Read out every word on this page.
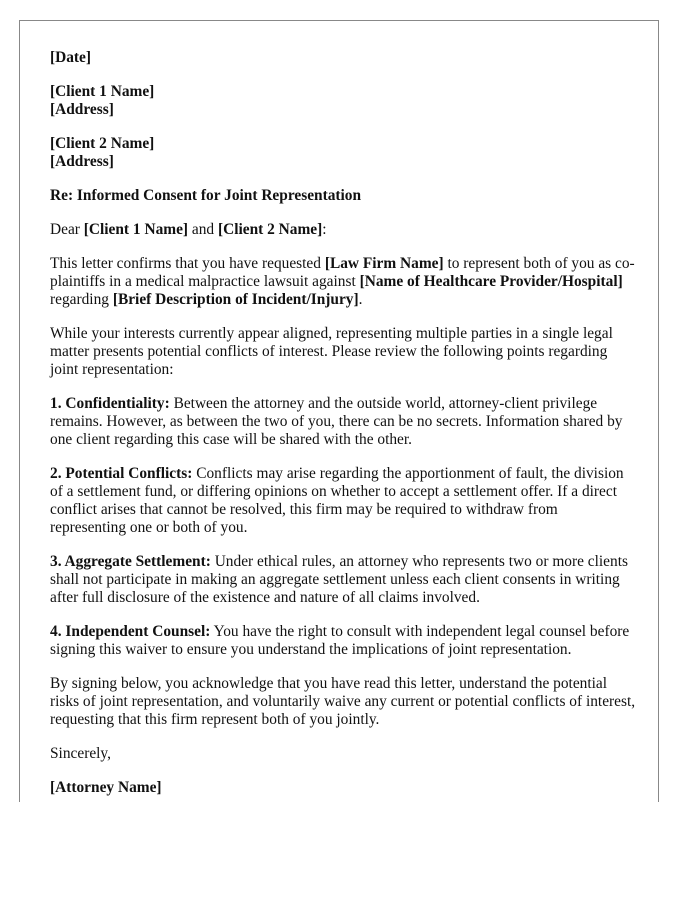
[Date]

[Client 1 Name]
[Address]

[Client 2 Name]
[Address]

Re: Informed Consent for Joint Representation

Dear [Client 1 Name] and [Client 2 Name]:

This letter confirms that you have requested [Law Firm Name] to represent both of you as co-plaintiffs in a medical malpractice lawsuit against [Name of Healthcare Provider/Hospital] regarding [Brief Description of Incident/Injury].

While your interests currently appear aligned, representing multiple parties in a single legal matter presents potential conflicts of interest. Please review the following points regarding joint representation:

1. Confidentiality: Between the attorney and the outside world, attorney-client privilege remains. However, as between the two of you, there can be no secrets. Information shared by one client regarding this case will be shared with the other.

2. Potential Conflicts: Conflicts may arise regarding the apportionment of fault, the division of a settlement fund, or differing opinions on whether to accept a settlement offer. If a direct conflict arises that cannot be resolved, this firm may be required to withdraw from representing one or both of you.

3. Aggregate Settlement: Under ethical rules, an attorney who represents two or more clients shall not participate in making an aggregate settlement unless each client consents in writing after full disclosure of the existence and nature of all claims involved.

4. Independent Counsel: You have the right to consult with independent legal counsel before signing this waiver to ensure you understand the implications of joint representation.

By signing below, you acknowledge that you have read this letter, understand the potential risks of joint representation, and voluntarily waive any current or potential conflicts of interest, requesting that this firm represent both of you jointly.

Sincerely,

[Attorney Name]
